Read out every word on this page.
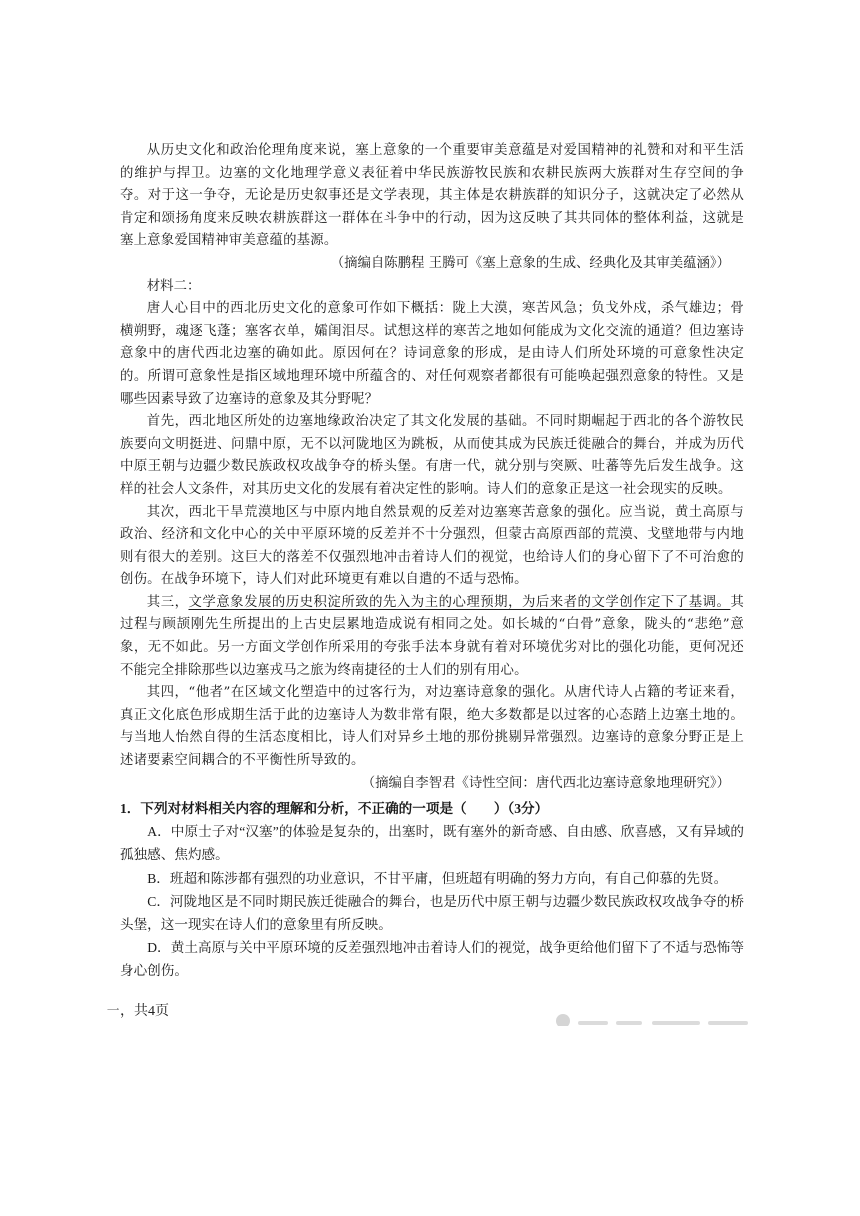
从历史文化和政治伦理角度来说，塞上意象的一个重要审美意蕴是对爱国精神的礼赞和对和平生活的维护与捍卫。边塞的文化地理学意义表征着中华民族游牧民族和农耕民族两大族群对生存空间的争夺。对于这一争夺，无论是历史叙事还是文学表现，其主体是农耕族群的知识分子，这就决定了必然从肯定和颂扬角度来反映农耕族群这一群体在斗争中的行动，因为这反映了其共同体的整体利益，这就是塞上意象爱国精神审美意蕴的基源。

（摘编自陈鹏程 王腾可《塞上意象的生成、经典化及其审美蕴涵》）

材料二：

唐人心目中的西北历史文化的意象可作如下概括：陇上大漠，寒苦风急；负戈外戍，杀气雄边；骨横朔野，魂逐飞蓬；塞客衣单，孀闺泪尽。试想这样的寒苦之地如何能成为文化交流的通道？但边塞诗意象中的唐代西北边塞的确如此。原因何在？诗词意象的形成，是由诗人们所处环境的可意象性决定的。所谓可意象性是指区域地理环境中所蕴含的、对任何观察者都很有可能唤起强烈意象的特性。又是哪些因素导致了边塞诗的意象及其分野呢？

首先，西北地区所处的边塞地缘政治决定了其文化发展的基础。不同时期崛起于西北的各个游牧民族要向文明挺进、问鼎中原，无不以河陇地区为跳板，从而使其成为民族迁徙融合的舞台，并成为历代中原王朝与边疆少数民族政权攻战争夺的桥头堡。有唐一代，就分别与突厥、吐蕃等先后发生战争。这样的社会人文条件，对其历史文化的发展有着决定性的影响。诗人们的意象正是这一社会现实的反映。

其次，西北干旱荒漠地区与中原内地自然景观的反差对边塞寒苦意象的强化。应当说，黄土高原与政治、经济和文化中心的关中平原环境的反差并不十分强烈，但蒙古高原西部的荒漠、戈壁地带与内地则有很大的差别。这巨大的落差不仅强烈地冲击着诗人们的视觉，也给诗人们的身心留下了不可治愈的创伤。在战争环境下，诗人们对此环境更有难以自遣的不适与恐怖。

其三，文学意象发展的历史积淀所致的先入为主的心理预期，为后来者的文学创作定下了基调。其过程与顾颉刚先生所提出的上古史层累地造成说有相同之处。如长城的“白骨”意象，陇头的“悲绝”意象，无不如此。另一方面文学创作所采用的夸张手法本身就有着对环境优劣对比的强化功能，更何况还不能完全排除那些以边塞戎马之旅为终南捷径的士人们的别有用心。

其四，“他者”在区域文化塑造中的过客行为，对边塞诗意象的强化。从唐代诗人占籍的考证来看，真正文化底色形成期生活于此的边塞诗人为数非常有限，绝大多数都是以过客的心态踏上边塞土地的。与当地人怡然自得的生活态度相比，诗人们对异乡土地的那份挑剔异常强烈。边塞诗的意象分野正是上述诸要素空间耦合的不平衡性所导致的。

（摘编自李智君《诗性空间：唐代西北边塞诗意象地理研究》）

1．下列对材料相关内容的理解和分析，不正确的一项是（　　）（3分）

A．中原士子对“汉塞”的体验是复杂的，出塞时，既有塞外的新奇感、自由感、欣喜感，又有异域的孤独感、焦灼感。

B．班超和陈涉都有强烈的功业意识，不甘平庸，但班超有明确的努力方向，有自己仰慕的先贤。

C．河陇地区是不同时期民族迁徙融合的舞台，也是历代中原王朝与边疆少数民族政权攻战争夺的桥头堡，这一现实在诗人们的意象里有所反映。

D．黄土高原与关中平原环境的反差强烈地冲击着诗人们的视觉，战争更给他们留下了不适与恐怖等身心创伤。

㇐，共4页
